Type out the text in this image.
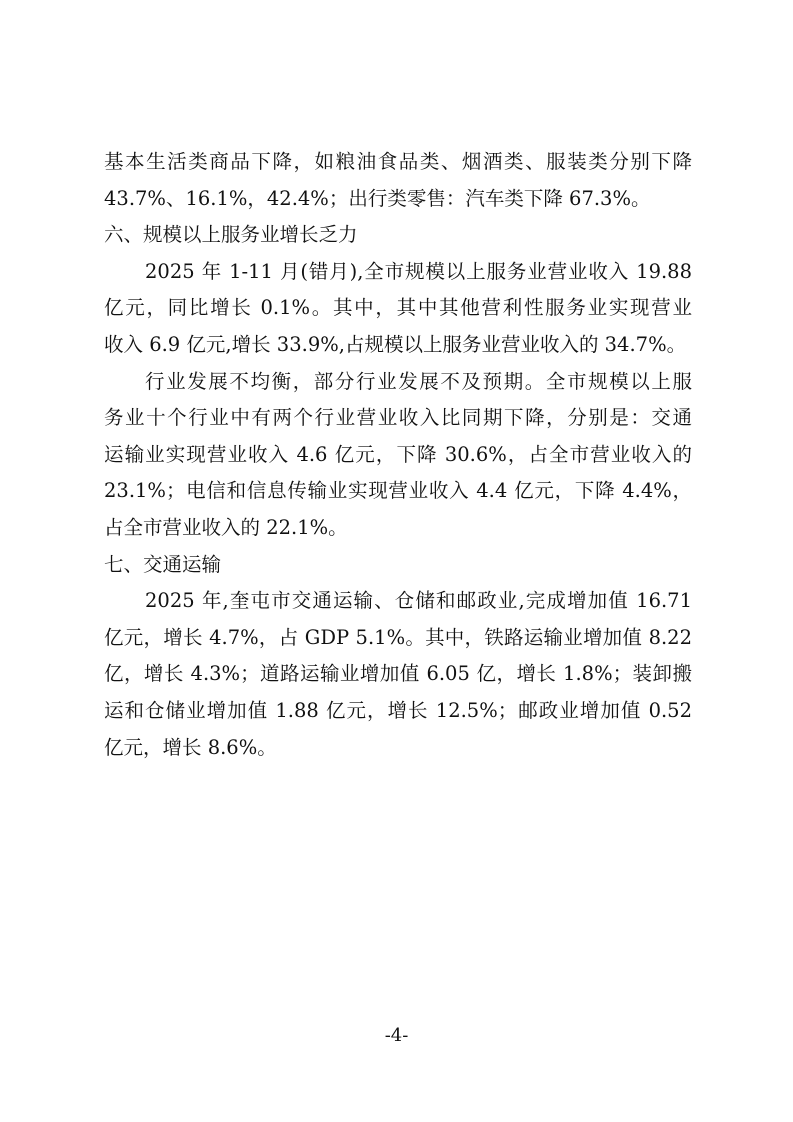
基本生活类商品下降，如粮油食品类、烟酒类、服装类分别下降
43.7%、16.1%，42.4%；出行类零售：汽车类下降 67.3%。
六、规模以上服务业增长乏力
2025 年 1-11 月(错月),全市规模以上服务业营业收入 19.88
亿元，同比增长 0.1%。其中，其中其他营利性服务业实现营业
收入 6.9 亿元,增长 33.9%,占规模以上服务业营业收入的 34.7%。
行业发展不均衡，部分行业发展不及预期。全市规模以上服
务业十个行业中有两个行业营业收入比同期下降，分别是：交通
运输业实现营业收入 4.6 亿元，下降 30.6%，占全市营业收入的
23.1%；电信和信息传输业实现营业收入 4.4 亿元，下降 4.4%，
占全市营业收入的 22.1%。
七、交通运输
2025 年,奎屯市交通运输、仓储和邮政业,完成增加值 16.71
亿元，增长 4.7%，占 GDP 5.1%。其中，铁路运输业增加值 8.22
亿，增长 4.3%；道路运输业增加值 6.05 亿，增长 1.8%；装卸搬
运和仓储业增加值 1.88 亿元，增长 12.5%；邮政业增加值 0.52
亿元，增长 8.6%。
-4-
